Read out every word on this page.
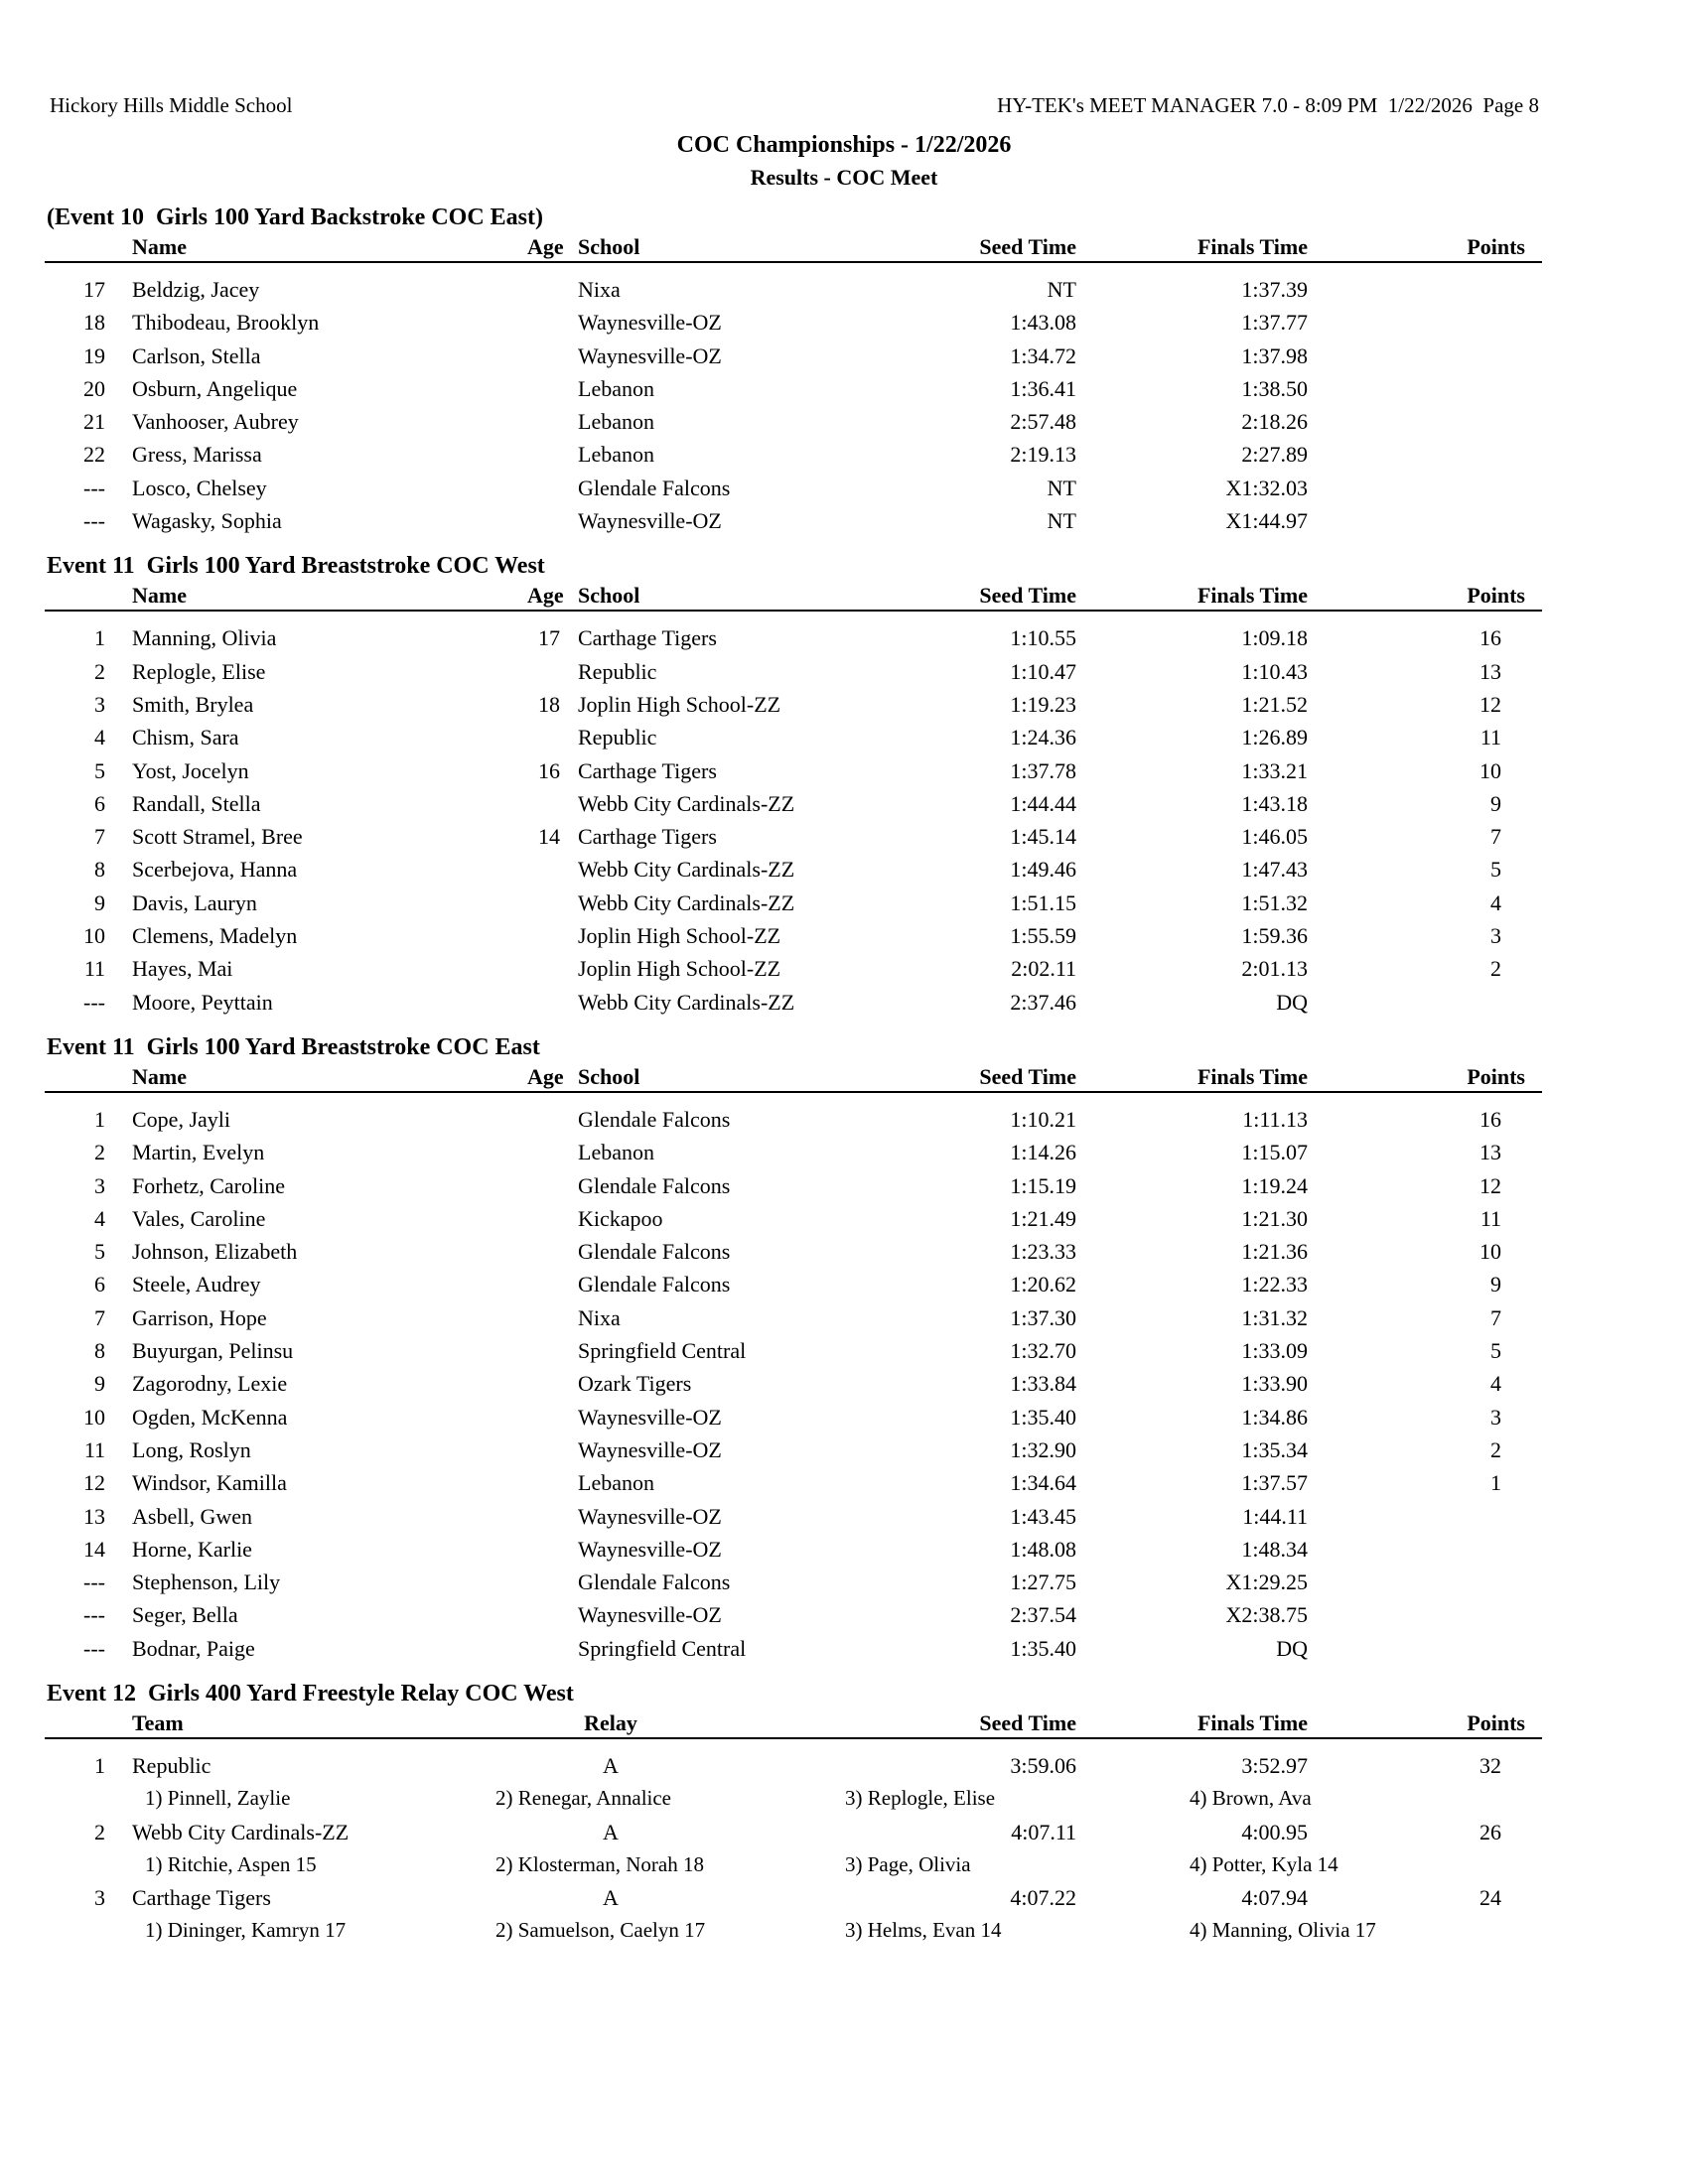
Hickory Hills Middle School	HY-TEK's MEET MANAGER 7.0 - 8:09 PM  1/22/2026  Page 8
COC Championships - 1/22/2026
Results - COC Meet
(Event 10  Girls 100 Yard Backstroke COC East)
Name	Age School	Seed Time	Finals Time	Points
17 Beldzig, Jacey	Nixa	NT	1:37.39
18 Thibodeau, Brooklyn	Waynesville-OZ	1:43.08	1:37.77
19 Carlson, Stella	Waynesville-OZ	1:34.72	1:37.98
20 Osburn, Angelique	Lebanon	1:36.41	1:38.50
21 Vanhooser, Aubrey	Lebanon	2:57.48	2:18.26
22 Gress, Marissa	Lebanon	2:19.13	2:27.89
--- Losco, Chelsey	Glendale Falcons	NT	X1:32.03
--- Wagasky, Sophia	Waynesville-OZ	NT	X1:44.97
Event 11  Girls 100 Yard Breaststroke COC West
Name	Age School	Seed Time	Finals Time	Points
1 Manning, Olivia	17 Carthage Tigers	1:10.55	1:09.18	16
2 Replogle, Elise	Republic	1:10.47	1:10.43	13
3 Smith, Brylea	18 Joplin High School-ZZ	1:19.23	1:21.52	12
4 Chism, Sara	Republic	1:24.36	1:26.89	11
5 Yost, Jocelyn	16 Carthage Tigers	1:37.78	1:33.21	10
6 Randall, Stella	Webb City Cardinals-ZZ	1:44.44	1:43.18	9
7 Scott Stramel, Bree	14 Carthage Tigers	1:45.14	1:46.05	7
8 Scerbejova, Hanna	Webb City Cardinals-ZZ	1:49.46	1:47.43	5
9 Davis, Lauryn	Webb City Cardinals-ZZ	1:51.15	1:51.32	4
10 Clemens, Madelyn	Joplin High School-ZZ	1:55.59	1:59.36	3
11 Hayes, Mai	Joplin High School-ZZ	2:02.11	2:01.13	2
--- Moore, Peyttain	Webb City Cardinals-ZZ	2:37.46	DQ
Event 11  Girls 100 Yard Breaststroke COC East
Name	Age School	Seed Time	Finals Time	Points
1 Cope, Jayli	Glendale Falcons	1:10.21	1:11.13	16
2 Martin, Evelyn	Lebanon	1:14.26	1:15.07	13
3 Forhetz, Caroline	Glendale Falcons	1:15.19	1:19.24	12
4 Vales, Caroline	Kickapoo	1:21.49	1:21.30	11
5 Johnson, Elizabeth	Glendale Falcons	1:23.33	1:21.36	10
6 Steele, Audrey	Glendale Falcons	1:20.62	1:22.33	9
7 Garrison, Hope	Nixa	1:37.30	1:31.32	7
8 Buyurgan, Pelinsu	Springfield Central	1:32.70	1:33.09	5
9 Zagorodny, Lexie	Ozark Tigers	1:33.84	1:33.90	4
10 Ogden, McKenna	Waynesville-OZ	1:35.40	1:34.86	3
11 Long, Roslyn	Waynesville-OZ	1:32.90	1:35.34	2
12 Windsor, Kamilla	Lebanon	1:34.64	1:37.57	1
13 Asbell, Gwen	Waynesville-OZ	1:43.45	1:44.11
14 Horne, Karlie	Waynesville-OZ	1:48.08	1:48.34
--- Stephenson, Lily	Glendale Falcons	1:27.75	X1:29.25
--- Seger, Bella	Waynesville-OZ	2:37.54	X2:38.75
--- Bodnar, Paige	Springfield Central	1:35.40	DQ
Event 12  Girls 400 Yard Freestyle Relay COC West
Team	Relay	Seed Time	Finals Time	Points
1 Republic	A	3:59.06	3:52.97	32
1) Pinnell, Zaylie	2) Renegar, Annalice	3) Replogle, Elise	4) Brown, Ava
2 Webb City Cardinals-ZZ	A	4:07.11	4:00.95	26
1) Ritchie, Aspen 15	2) Klosterman, Norah 18	3) Page, Olivia	4) Potter, Kyla 14
3 Carthage Tigers	A	4:07.22	4:07.94	24
1) Dininger, Kamryn 17	2) Samuelson, Caelyn 17	3) Helms, Evan 14	4) Manning, Olivia 17
